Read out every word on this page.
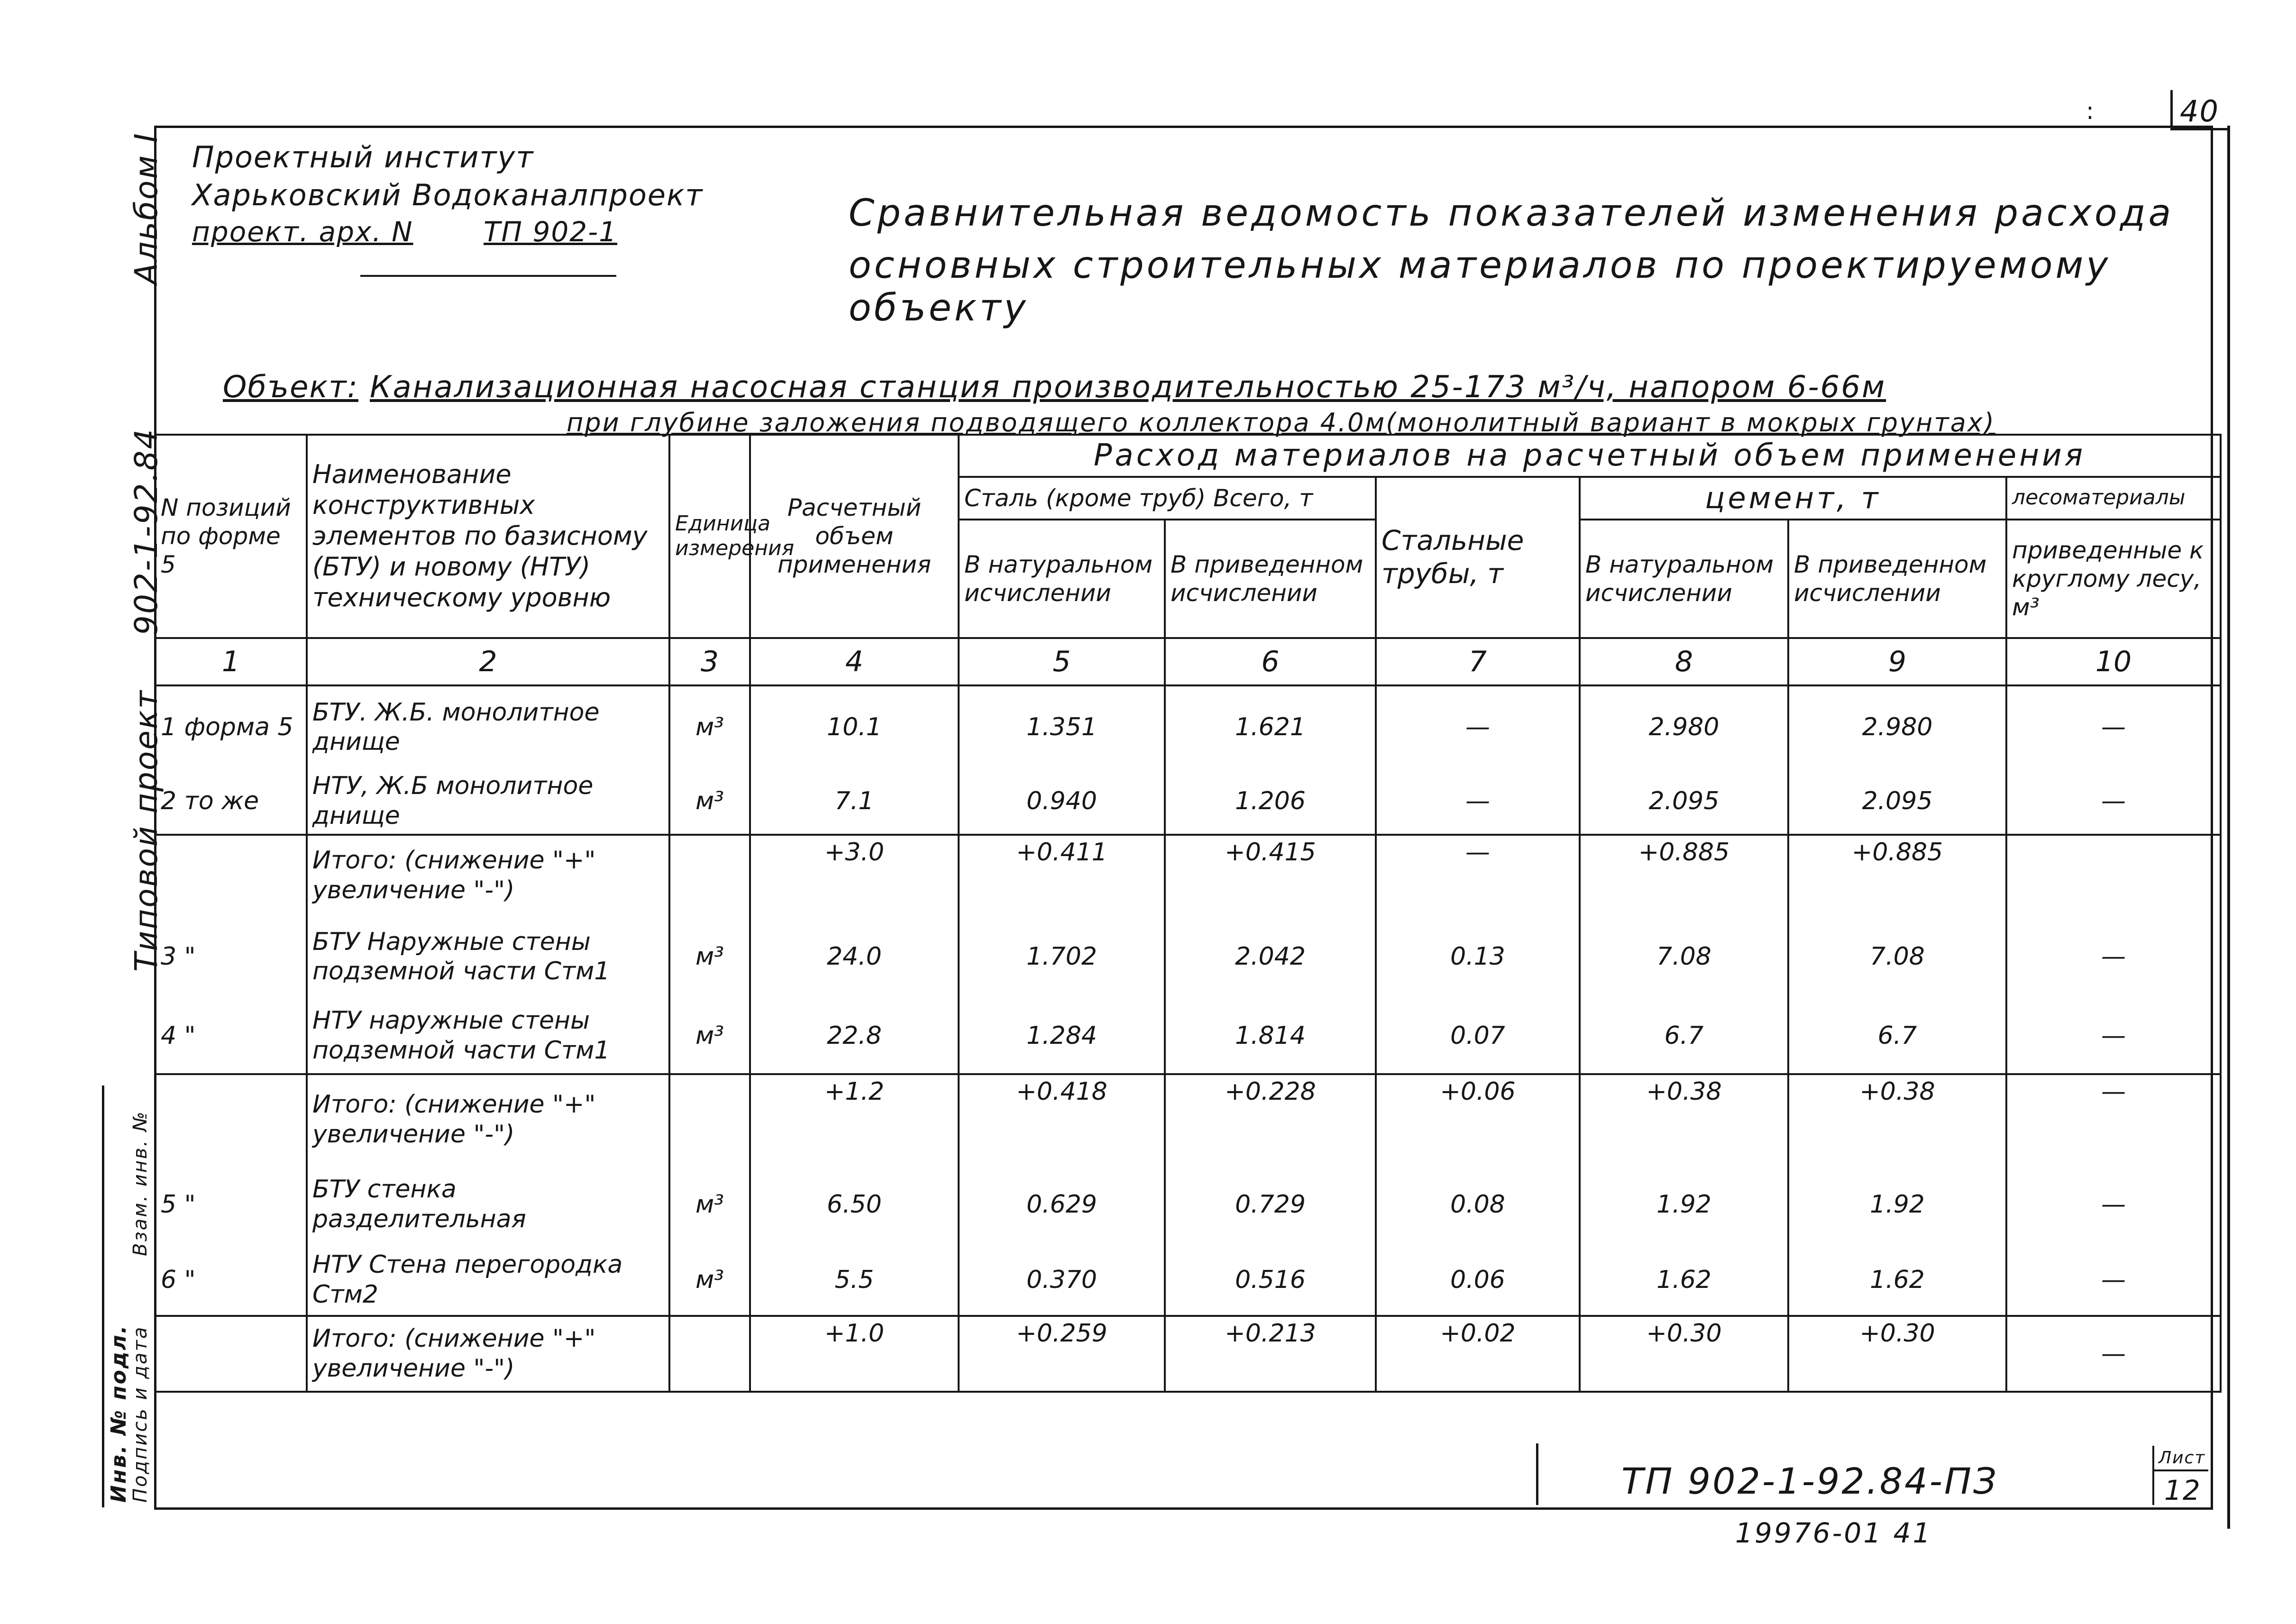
40
:
Альбом I
902-1-92.84
Типовой проект
Инв. № подл.
Подпись и дата
Взам. инв. №
Проектный институт
Харьковский Водоканалпроект
проект. арх. N	ТП 902-1	Сравнительная ведомость показателей изменения расхода
основных строительных материалов по проектируемому объекту
Объект: Канализационная насосная станция производительностью 25-173 м³/ч, напором 6-66м
при глубине заложения подводящего коллектора 4.0м(монолитный вариант в мокрых грунтах)
N позиций по форме 5	Наименование конструктивных элементов по базисному (БТУ) и новому (НТУ) техническому уровню	Единица измерения	Расчетный объем применения	Расход материалов на расчетный объем применения					
				Сталь (кроме труб) Всего, т		Стальные трубы, т	цемент, т		лесоматериалы
				В натуральном исчислении	В приведенном исчислении		В натуральном исчислении	В приведенном исчислении	приведенные к круглому лесу, м³
1	2	3	4	5	6	7	8	9	10
1 форма 5	БТУ. Ж.Б. монолитное днище	м³	10.1	1.351	1.621	—	2.980	2.980	—
2 то же	НТУ, Ж.Б монолитное днище	м³	7.1	0.940	1.206	—	2.095	2.095	—
	Итого: (снижение "+" увеличение "-")		+3.0	+0.411	+0.415	—	+0.885	+0.885	
3 "	БТУ Наружные стены подземной части Стм1	м³	24.0	1.702	2.042	0.13	7.08	7.08	—
4 "	НТУ наружные стены подземной части Стм1	м³	22.8	1.284	1.814	0.07	6.7	6.7	—
	Итого: (снижение "+" увеличение "-")		+1.2	+0.418	+0.228	+0.06	+0.38	+0.38	—
5 "	БТУ стенка разделительная	м³	6.50	0.629	0.729	0.08	1.92	1.92	—
6 "	НТУ Стена перегородка Стм2	м³	5.5	0.370	0.516	0.06	1.62	1.62	—
	Итого: (снижение "+" увеличение "-")		+1.0	+0.259	+0.213	+0.02	+0.30	+0.30	—
ТП 902-1-92.84-ПЗ
Лист
12
19976-01 41
